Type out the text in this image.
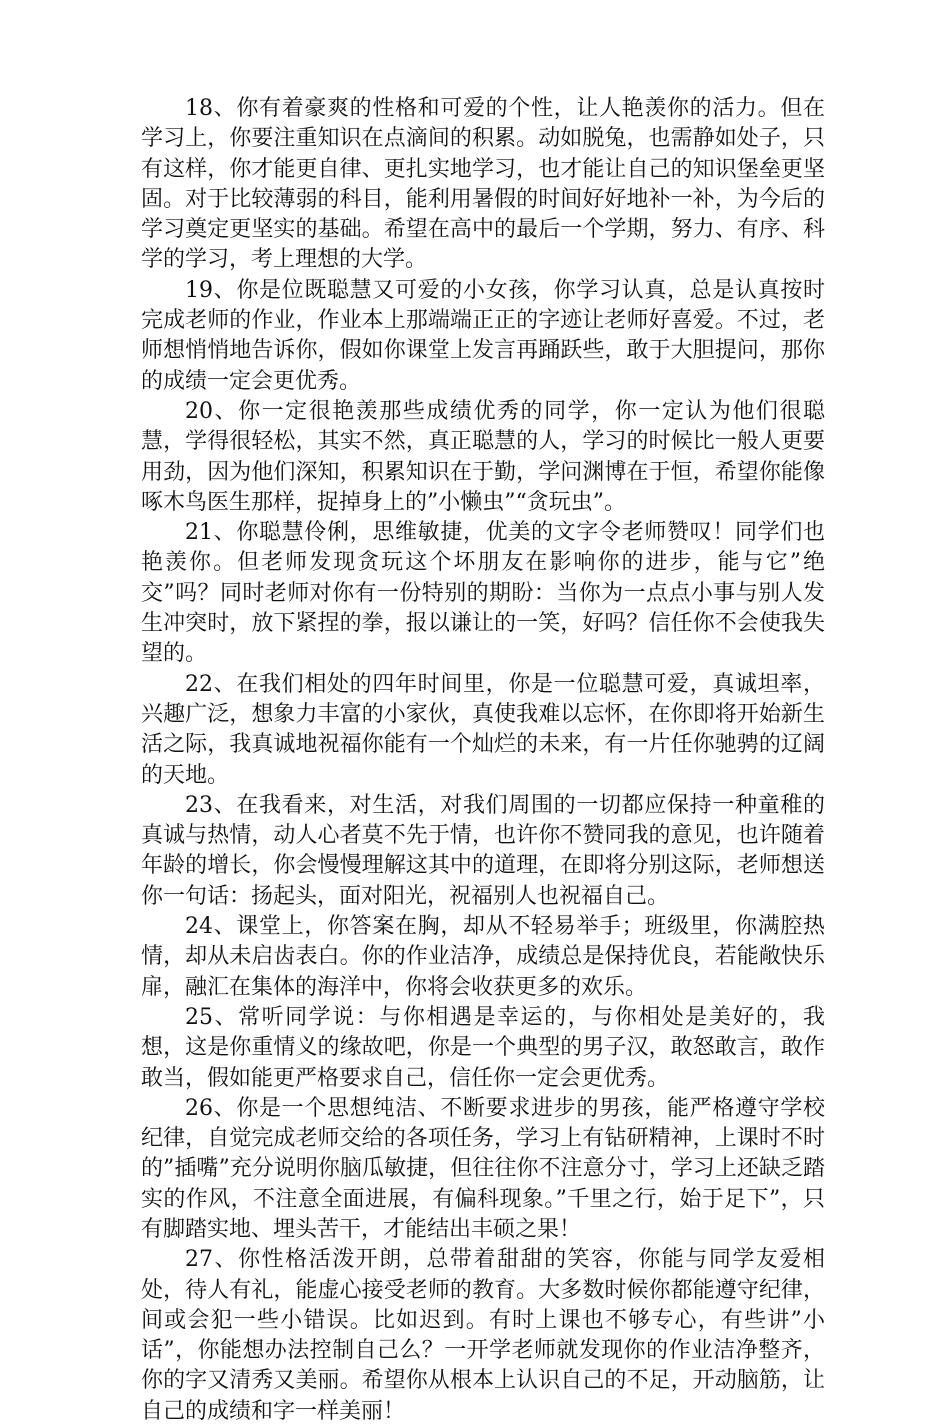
18、你有着豪爽的性格和可爱的个性，让人艳羡你的活力。但在学习上，你要注重知识在点滴间的积累。动如脱兔，也需静如处子，只有这样，你才能更自律、更扎实地学习，也才能让自己的知识堡垒更坚固。对于比较薄弱的科目，能利用暑假的时间好好地补一补，为今后的学习奠定更坚实的基础。希望在高中的最后一个学期，努力、有序、科学的学习，考上理想的大学。

19、你是位既聪慧又可爱的小女孩，你学习认真，总是认真按时完成老师的作业，作业本上那端端正正的字迹让老师好喜爱。不过，老师想悄悄地告诉你，假如你课堂上发言再踊跃些，敢于大胆提问，那你的成绩一定会更优秀。

20、你一定很艳羡那些成绩优秀的同学，你一定认为他们很聪慧，学得很轻松，其实不然，真正聪慧的人，学习的时候比一般人更要用劲，因为他们深知，积累知识在于勤，学问渊博在于恒，希望你能像啄木鸟医生那样，捉掉身上的”小懒虫”“贪玩虫”。

21、你聪慧伶俐，思维敏捷，优美的文字令老师赞叹！同学们也艳羡你。但老师发现贪玩这个坏朋友在影响你的进步，能与它”绝交”吗？同时老师对你有一份特别的期盼：当你为一点点小事与别人发生冲突时，放下紧捏的拳，报以谦让的一笑，好吗？信任你不会使我失望的。

22、在我们相处的四年时间里，你是一位聪慧可爱，真诚坦率，兴趣广泛，想象力丰富的小家伙，真使我难以忘怀，在你即将开始新生活之际，我真诚地祝福你能有一个灿烂的未来，有一片任你驰骋的辽阔的天地。

23、在我看来，对生活，对我们周围的一切都应保持一种童稚的真诚与热情，动人心者莫不先于情，也许你不赞同我的意见，也许随着年龄的增长，你会慢慢理解这其中的道理，在即将分别这际，老师想送你一句话：扬起头，面对阳光，祝福别人也祝福自己。

24、课堂上，你答案在胸，却从不轻易举手；班级里，你满腔热情，却从未启齿表白。你的作业洁净，成绩总是保持优良，若能敞快乐扉，融汇在集体的海洋中，你将会收获更多的欢乐。

25、常听同学说：与你相遇是幸运的，与你相处是美好的，我想，这是你重情义的缘故吧，你是一个典型的男子汉，敢怒敢言，敢作敢当，假如能更严格要求自己，信任你一定会更优秀。

26、你是一个思想纯洁、不断要求进步的男孩，能严格遵守学校纪律，自觉完成老师交给的各项任务，学习上有钻研精神，上课时不时的”插嘴”充分说明你脑瓜敏捷，但往往你不注意分寸，学习上还缺乏踏实的作风，不注意全面进展，有偏科现象。”千里之行，始于足下”，只有脚踏实地、埋头苦干，才能结出丰硕之果！

27、你性格活泼开朗，总带着甜甜的笑容，你能与同学友爱相处，待人有礼，能虚心接受老师的教育。大多数时候你都能遵守纪律，间或会犯一些小错误。比如迟到。有时上课也不够专心，有些讲”小话”，你能想办法控制自己么？一开学老师就发现你的作业洁净整齐，你的字又清秀又美丽。希望你从根本上认识自己的不足，开动脑筋，让自己的成绩和字一样美丽！
